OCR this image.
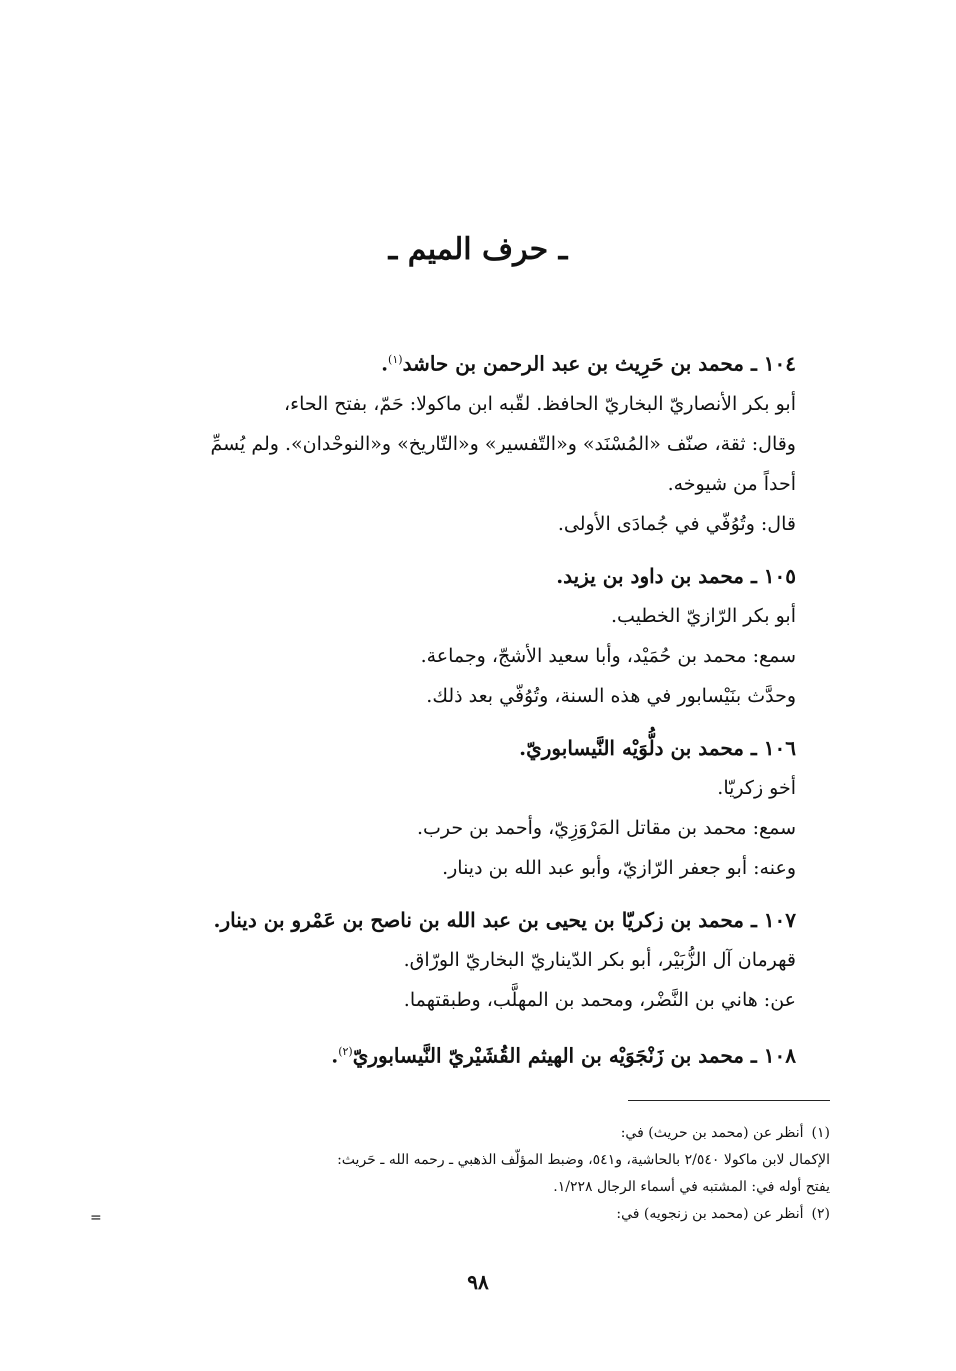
ـ حرف الميم ـ
١٠٤ ـ محمد بن حَرِيث بن عبد الرحمن بن حاشد$^{(١)}$.
أبو بكر الأنصاريّ البخاريّ الحافظ. لقّبه ابن ماكولا: حَمّ، بفتح الحاء،
وقال: ثقة، صنّف «المُسْنَد» و«التّفسير» و«التّاريخ» و«النوحْدان». ولم يُسمِّ
أحداً من شيوخه.
قال: وتُوُفّي في جُمادَى الأولى.
١٠٥ ـ محمد بن داود بن يزيد.
أبو بكر الرّازيّ الخطيب.
سمع: محمد بن حُمَيْد، وأبا سعيد الأشجّ، وجماعة.
وحدَّث بنَيْسابور في هذه السنة، وتُوُفّي بعد ذلك.
١٠٦ ـ محمد بن دلُّوَيْه النَّيسابوريّ.
أخو زكريّا.
سمع: محمد بن مقاتل المَرْوَزِيّ، وأحمد بن حرب.
وعنه: أبو جعفر الرّازيّ، وأبو عبد الله بن دينار.
١٠٧ ـ محمد بن زكريّا بن يحيى بن عبد الله بن ناصح بن عَمْرو بن دينار.
قهرمان آل الزُّبَيْر، أبو بكر الدّيناريّ البخاريّ الورّاق.
عن: هاني بن النَّضْر، ومحمد بن المهلَّب، وطبقتهما.
١٠٨ ـ محمد بن زَنْجَوَيْه بن الهيثم القُشَيْريّ النَّيسابوريّ$^{(٢)}$.
(١)أنظر عن (محمد بن حريث) في:
الإكمال لابن ماكولا ٢/٥٤٠ بالحاشية، و٥٤١، وضبط المؤلّف الذهبي ـ رحمه الله ـ حَريث:
يفتح أوله في: المشتبه في أسماء الرجال ١/٢٢٨.
(٢)أنظر عن (محمد بن زنجويه) في:
=
٩٨
